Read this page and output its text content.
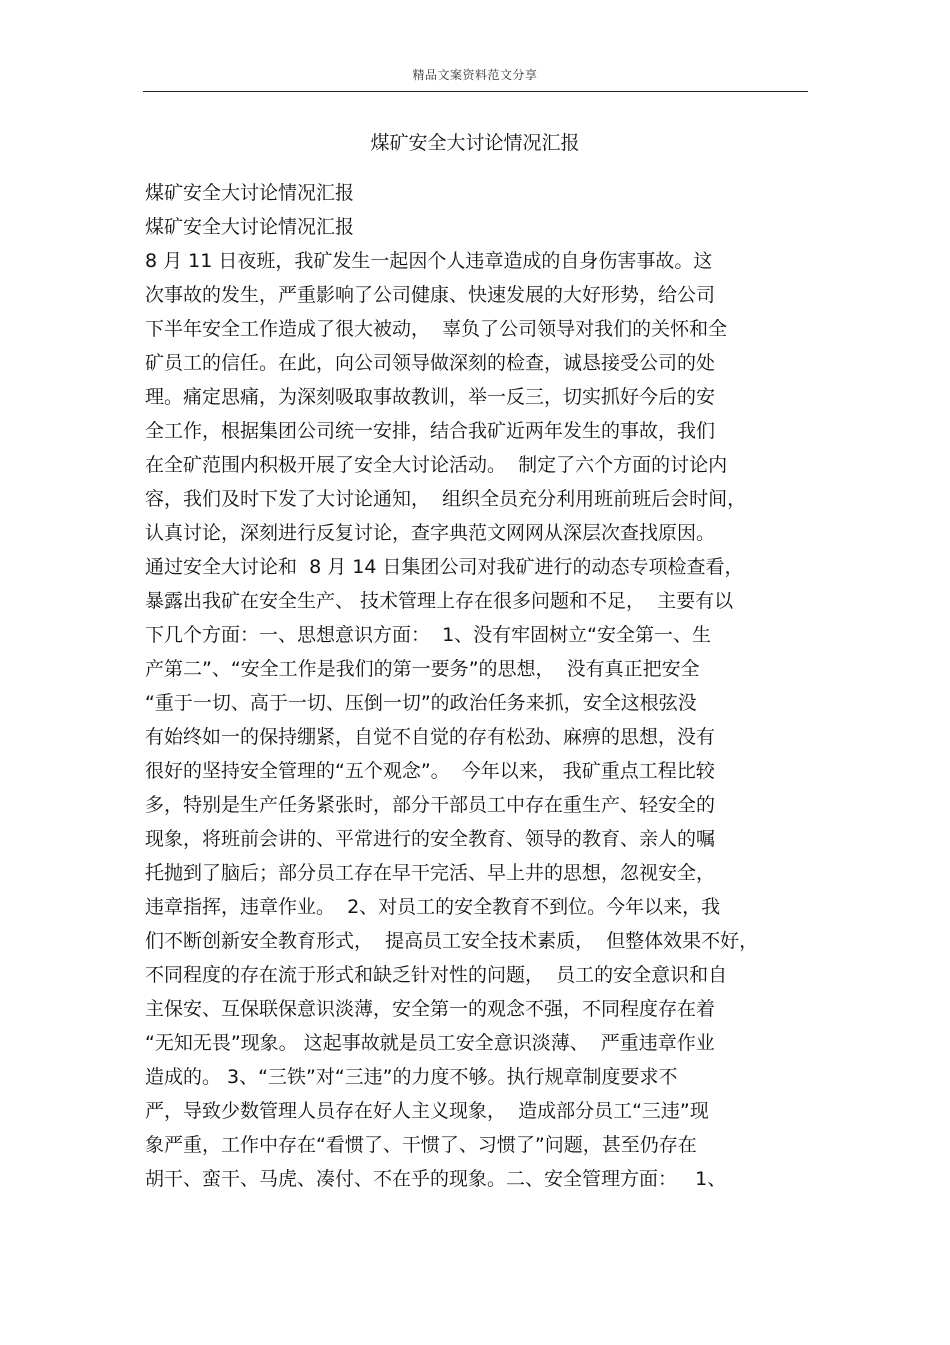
精品文案资料范文分享
煤矿安全大讨论情况汇报
煤矿安全大讨论情况汇报
煤矿安全大讨论情况汇报
8 月 11 日夜班，我矿发生一起因个人违章造成的自身伤害事故。这
次事故的发生，严重影响了公司健康、快速发展的大好形势，给公司
下半年安全工作造成了很大被动，  辜负了公司领导对我们的关怀和全
矿员工的信任。在此，向公司领导做深刻的检查，诚恳接受公司的处
理。痛定思痛，为深刻吸取事故教训，举一反三，切实抓好今后的安
全工作，根据集团公司统一安排，结合我矿近两年发生的事故，我们
在全矿范围内积极开展了安全大讨论活动。  制定了六个方面的讨论内
容，我们及时下发了大讨论通知，  组织全员充分利用班前班后会时间，
认真讨论，深刻进行反复讨论，查字典范文网网从深层次查找原因。
通过安全大讨论和  8 月 14 日集团公司对我矿进行的动态专项检查看，
暴露出我矿在安全生产、 技术管理上存在很多问题和不足，  主要有以
下几个方面：一、思想意识方面：  1、没有牢固树立“安全第一、生
产第二”、“安全工作是我们的第一要务”的思想，  没有真正把安全
“重于一切、高于一切、压倒一切”的政治任务来抓，安全这根弦没
有始终如一的保持绷紧，自觉不自觉的存有松劲、麻痹的思想，没有
很好的坚持安全管理的“五个观念”。  今年以来， 我矿重点工程比较
多，特别是生产任务紧张时，部分干部员工中存在重生产、轻安全的
现象，将班前会讲的、平常进行的安全教育、领导的教育、亲人的嘱
托抛到了脑后；部分员工存在早干完活、早上井的思想，忽视安全，
违章指挥，违章作业。  2、对员工的安全教育不到位。今年以来，我
们不断创新安全教育形式，  提高员工安全技术素质，  但整体效果不好，
不同程度的存在流于形式和缺乏针对性的问题，  员工的安全意识和自
主保安、互保联保意识淡薄，安全第一的观念不强，不同程度存在着
“无知无畏”现象。 这起事故就是员工安全意识淡薄、  严重违章作业
造成的。 3、“三铁”对“三违”的力度不够。执行规章制度要求不
严，导致少数管理人员存在好人主义现象，  造成部分员工“三违”现
象严重，工作中存在“看惯了、干惯了、习惯了”问题，甚至仍存在
胡干、蛮干、马虎、凑付、不在乎的现象。二、安全管理方面：   1、
